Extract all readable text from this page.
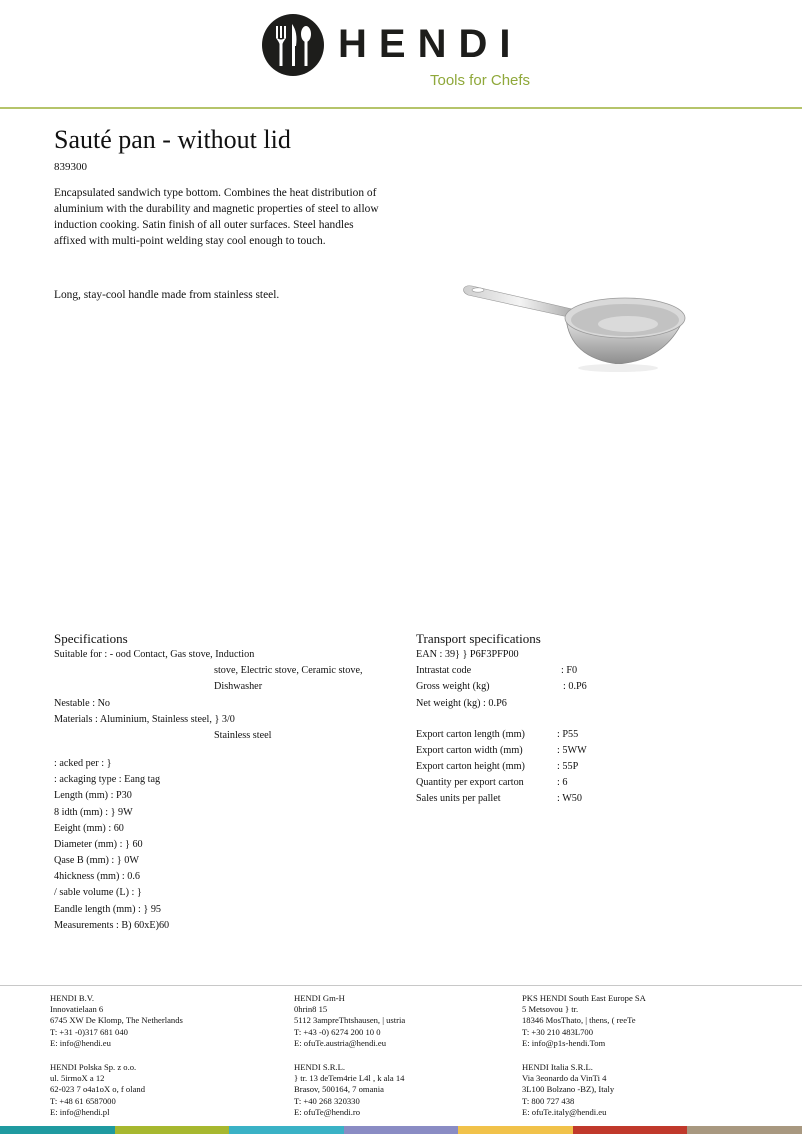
HENDI
Tools for Chefs
Sauté pan - without lid
839300
Encapsulated sandwich type bottom. Combines the heat distribution of aluminium with the durability and magnetic properties of steel to allow induction cooking. Satin finish of all outer surfaces. Steel handles affixed with multi-point welding stay cool enough to touch.
Long, stay-cool handle made from stainless steel.
Specifications
Suitable for : - ood Contact, Gas stove, Induction
stove, Electric stove, Ceramic stove,
Dishwasher
Nestable : No
Materials : Aluminium, Stainless steel, } 3/0
Stainless steel
: acked per : }
: ackaging type : Eang tag
Length (mm) : P30
8 idth (mm) : } 9W
Eeight (mm) : 60
Diameter (mm) : } 60
Qase B (mm) : } 0W
4hickness (mm) : 0.6
/ sable volume (L) : }
Eandle length (mm) : } 95
Measurements : B) 60xE)60
Transport specifications
EAN : 39} } P6F3PFP00
Intrastat code	: F0
Gross weight (kg)	: 0.P6
Net weight (kg) : 0.P6
Export carton length (mm)	: P55
Export carton width (mm)	: 5WW
Export carton height (mm)	: 55P
Quantity per export carton	: 6
Sales units per pallet	: W50
HENDI B.V.
Innovatielaan 6
6745 XW De Klomp, The Netherlands
T: +31 -0)317 681 040
E: info@hendi.eu
HENDI Polska Sp. z o.o.
ul. 5irmoX a 12
62-023 7 o4a1oX o, f oland
T: +48 61 6587000
E: info@hendi.pl
HENDI Gm-H
0hrin8 15
5112 3ampreThtshausen, | ustria
T: +43 -0) 6274 200 10 0
E: ofuTe.austria@hendi.eu
HENDI S.R.L.
} tr. 13 deTem4rie L4l , k ala 14
Brasov, 500164, 7 omania
T: +40 268 320330
E: ofuTe@hendi.ro
PKS HENDI South East Europe SA
5 Metsovou } tr.
18346 MosThato, | thens, ( reeTe
T: +30 210 483L700
E: info@p1s-hendi.Tom
HENDI Italia S.R.L.
Via 3eonardo da VinTi 4
3L100 Bolzano -BZ), Italy
T: 800 727 438
E: ofuTe.italy@hendi.eu
